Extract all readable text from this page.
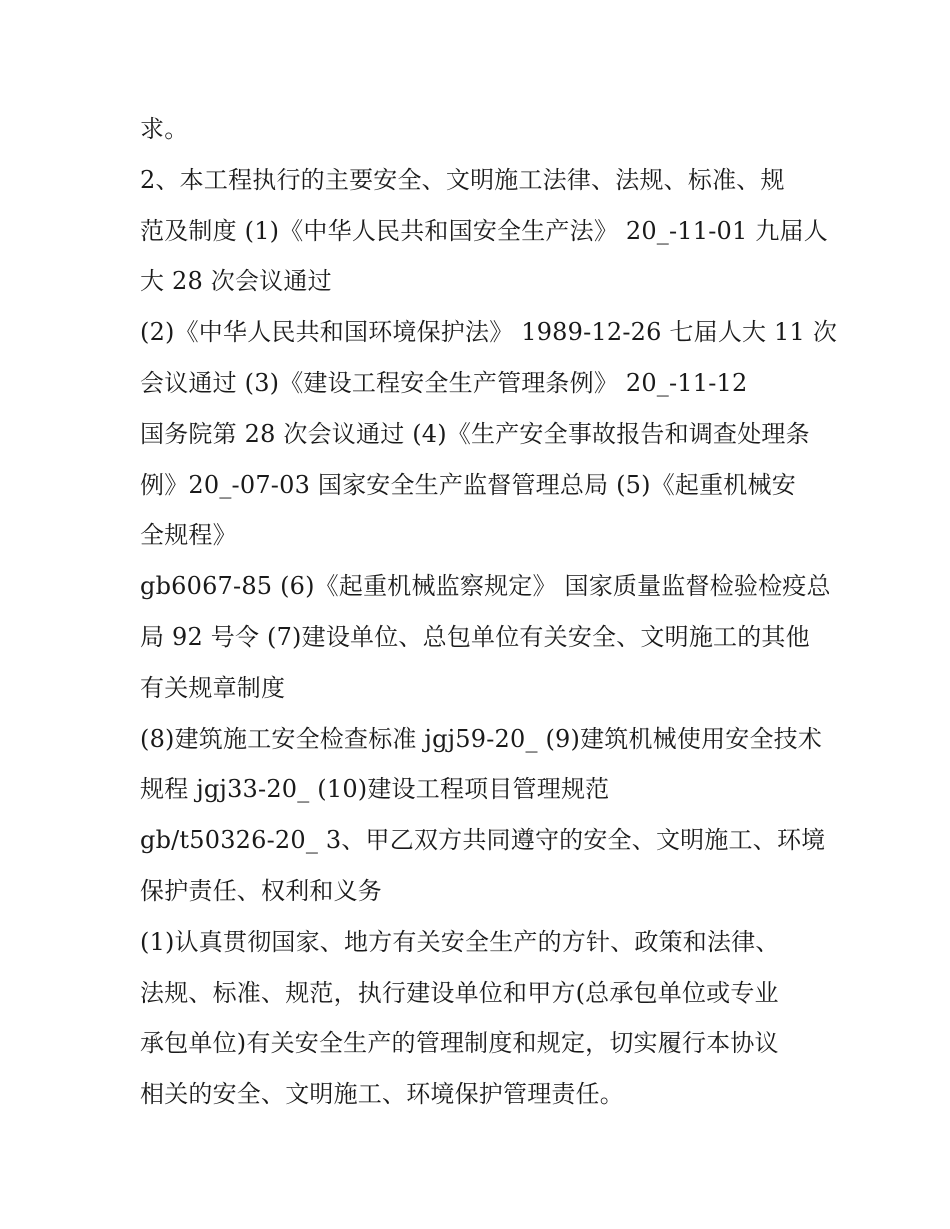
求。
2、本工程执行的主要安全、文明施工法律、法规、标准、规
范及制度 (1)《中华人民共和国安全生产法》 20_-11-01 九届人
大 28 次会议通过
(2)《中华人民共和国环境保护法》 1989-12-26 七届人大 11 次
会议通过 (3)《建设工程安全生产管理条例》 20_-11-12
国务院第 28 次会议通过 (4)《生产安全事故报告和调查处理条
例》20_-07-03 国家安全生产监督管理总局 (5)《起重机械安
全规程》
gb6067-85 (6)《起重机械监察规定》 国家质量监督检验检疫总
局 92 号令 (7)建设单位、总包单位有关安全、文明施工的其他
有关规章制度
(8)建筑施工安全检查标准 jgj59-20_ (9)建筑机械使用安全技术
规程 jgj33-20_ (10)建设工程项目管理规范
gb/t50326-20_ 3、甲乙双方共同遵守的安全、文明施工、环境
保护责任、权利和义务
(1)认真贯彻国家、地方有关安全生产的方针、政策和法律、
法规、标准、规范，执行建设单位和甲方(总承包单位或专业
承包单位)有关安全生产的管理制度和规定，切实履行本协议
相关的安全、文明施工、环境保护管理责任。
